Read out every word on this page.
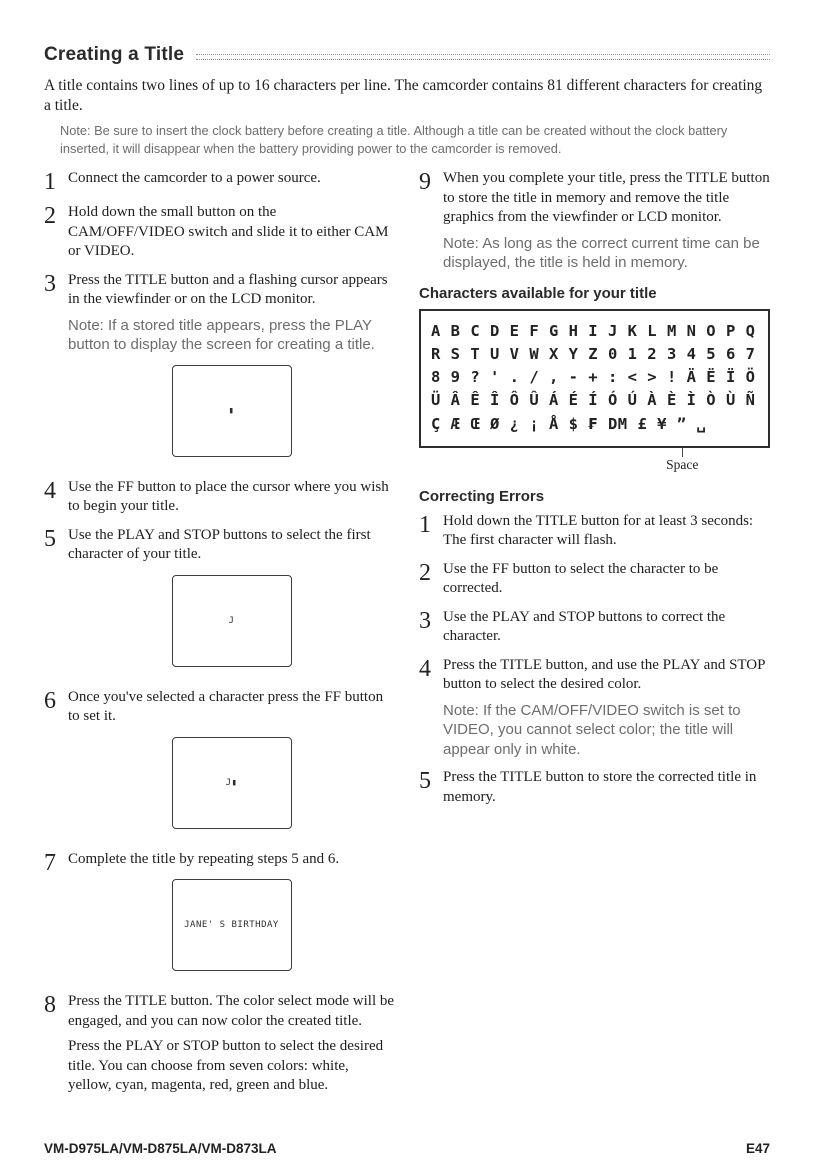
Creating a Title

A title contains two lines of up to 16 characters per line. The camcorder contains 81 different characters for creating a title.

Note: Be sure to insert the clock battery before creating a title. Although a title can be created without the clock battery inserted, it will disappear when the battery providing power to the camcorder is removed.

1 Connect the camcorder to a power source.

2 Hold down the small button on the CAM/OFF/VIDEO switch and slide it to either CAM or VIDEO.

3 Press the TITLE button and a flashing cursor appears in the viewfinder or on the LCD monitor.

Note: If a stored title appears, press the PLAY button to display the screen for creating a title.

▮
4 Use the FF button to place the cursor where you wish to begin your title.

5 Use the PLAY and STOP buttons to select the first character of your title.

J
6 Once you've selected a character press the FF button to set it.

J▮
7 Complete the title by repeating steps 5 and 6.

JANE' S BIRTHDAY
8 Press the TITLE button. The color select mode will be engaged, and you can now color the created title.

Press the PLAY or STOP button to select the desired title. You can choose from seven colors: white, yellow, cyan, magenta, red, green and blue.

9 When you complete your title, press the TITLE button to store the title in memory and remove the title graphics from the viewfinder or LCD monitor.

Note: As long as the correct current time can be displayed, the title is held in memory.

Characters available for your title
A B C D E F G H I J K L M N O P Q
R S T U V W X Y Z 0 1 2 3 4 5 6 7
8 9 ? ' . / , - + : < > ! Ä Ë Ï Ö
Ü Â Ê Î Ô Û Á É Í Ó Ú À È Ì Ò Ù Ñ
Ç Æ Œ Ø ¿ ¡ Å $ ₣ DM £ ¥ ” ␣
Space
Correcting Errors
1 Hold down the TITLE button for at least 3 seconds: The first character will flash.

2 Use the FF button to select the character to be corrected.

3 Use the PLAY and STOP buttons to correct the character.

4 Press the TITLE button, and use the PLAY and STOP button to select the desired color.

Note: If the CAM/OFF/VIDEO switch is set to VIDEO, you cannot select color; the title will appear only in white.

5 Press the TITLE button to store the corrected title in memory.

VM-D975LA/VM-D875LA/VM-D873LA	E47
